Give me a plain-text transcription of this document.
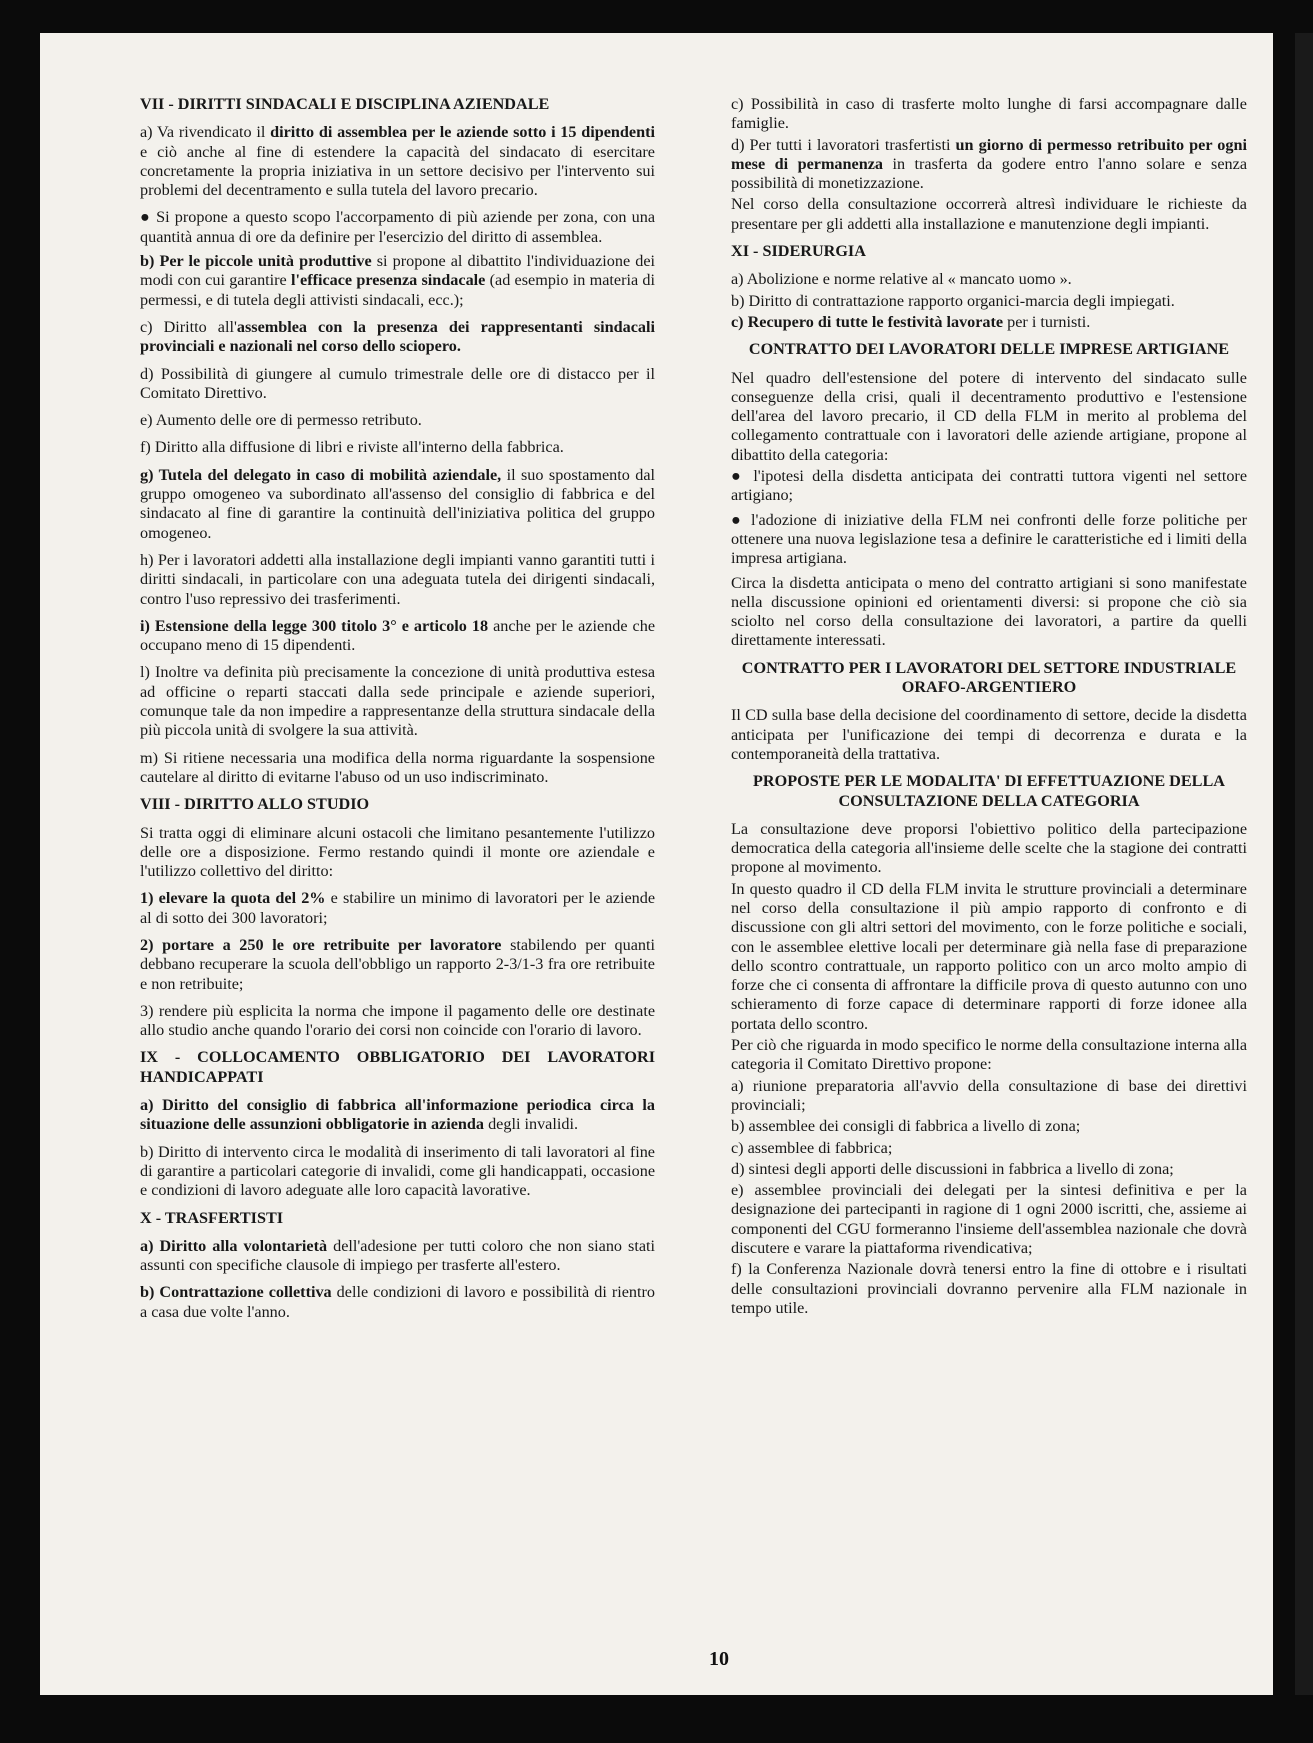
VII - DIRITTI SINDACALI E DISCIPLINA AZIENDALE

a) Va rivendicato il diritto di assemblea per le aziende sotto i 15 dipendenti e ciò anche al fine di estendere la capacità del sindacato di esercitare concretamente la propria iniziativa in un settore decisivo per l'intervento sui problemi del decentramento e sulla tutela del lavoro precario.

● Si propone a questo scopo l'accorpamento di più aziende per zona, con una quantità annua di ore da definire per l'esercizio del diritto di assemblea.

b) Per le piccole unità produttive si propone al dibattito l'individuazione dei modi con cui garantire l'efficace presenza sindacale (ad esempio in materia di permessi, e di tutela degli attivisti sindacali, ecc.);

c) Diritto all'assemblea con la presenza dei rappresentanti sindacali provinciali e nazionali nel corso dello sciopero.

d) Possibilità di giungere al cumulo trimestrale delle ore di distacco per il Comitato Direttivo.

e) Aumento delle ore di permesso retributo.

f) Diritto alla diffusione di libri e riviste all'interno della fabbrica.

g) Tutela del delegato in caso di mobilità aziendale, il suo spostamento dal gruppo omogeneo va subordinato all'assenso del consiglio di fabbrica e del sindacato al fine di garantire la continuità dell'iniziativa politica del gruppo omogeneo.

h) Per i lavoratori addetti alla installazione degli impianti vanno garantiti tutti i diritti sindacali, in particolare con una adeguata tutela dei dirigenti sindacali, contro l'uso repressivo dei trasferimenti.

i) Estensione della legge 300 titolo 3° e articolo 18 anche per le aziende che occupano meno di 15 dipendenti.

l) Inoltre va definita più precisamente la concezione di unità produttiva estesa ad officine o reparti staccati dalla sede principale e aziende superiori, comunque tale da non impedire a rappresentanze della struttura sindacale della più piccola unità di svolgere la sua attività.

m) Si ritiene necessaria una modifica della norma riguardante la sospensione cautelare al diritto di evitarne l'abuso od un uso indiscriminato.

VIII - DIRITTO ALLO STUDIO

Si tratta oggi di eliminare alcuni ostacoli che limitano pesantemente l'utilizzo delle ore a disposizione. Fermo restando quindi il monte ore aziendale e l'utilizzo collettivo del diritto:

1) elevare la quota del 2% e stabilire un minimo di lavoratori per le aziende al di sotto dei 300 lavoratori;

2) portare a 250 le ore retribuite per lavoratore stabilendo per quanti debbano recuperare la scuola dell'obbligo un rapporto 2-3/1-3 fra ore retribuite e non retribuite;

3) rendere più esplicita la norma che impone il pagamento delle ore destinate allo studio anche quando l'orario dei corsi non coincide con l'orario di lavoro.

IX - COLLOCAMENTO OBBLIGATORIO DEI LAVORATORI HANDICAPPATI

a) Diritto del consiglio di fabbrica all'informazione periodica circa la situazione delle assunzioni obbligatorie in azienda degli invalidi.

b) Diritto di intervento circa le modalità di inserimento di tali lavoratori al fine di garantire a particolari categorie di invalidi, come gli handicappati, occasione e condizioni di lavoro adeguate alle loro capacità lavorative.

X - TRASFERTISTI

a) Diritto alla volontarietà dell'adesione per tutti coloro che non siano stati assunti con specifiche clausole di impiego per trasferte all'estero.

b) Contrattazione collettiva delle condizioni di lavoro e possibilità di rientro a casa due volte l'anno.

c) Possibilità in caso di trasferte molto lunghe di farsi accompagnare dalle famiglie.

d) Per tutti i lavoratori trasfertisti un giorno di permesso retribuito per ogni mese di permanenza in trasferta da godere entro l'anno solare e senza possibilità di monetizzazione.

Nel corso della consultazione occorrerà altresì individuare le richieste da presentare per gli addetti alla installazione e manutenzione degli impianti.

XI - SIDERURGIA

a) Abolizione e norme relative al « mancato uomo ».

b) Diritto di contrattazione rapporto organici-marcia degli impiegati.

c) Recupero di tutte le festività lavorate per i turnisti.

CONTRATTO DEI LAVORATORI DELLE IMPRESE ARTIGIANE

Nel quadro dell'estensione del potere di intervento del sindacato sulle conseguenze della crisi, quali il decentramento produttivo e l'estensione dell'area del lavoro precario, il CD della FLM in merito al problema del collegamento contrattuale con i lavoratori delle aziende artigiane, propone al dibattito della categoria:

● l'ipotesi della disdetta anticipata dei contratti tuttora vigenti nel settore artigiano;

● l'adozione di iniziative della FLM nei confronti delle forze politiche per ottenere una nuova legislazione tesa a definire le caratteristiche ed i limiti della impresa artigiana.

Circa la disdetta anticipata o meno del contratto artigiani si sono manifestate nella discussione opinioni ed orientamenti diversi: si propone che ciò sia sciolto nel corso della consultazione dei lavoratori, a partire da quelli direttamente interessati.

CONTRATTO PER I LAVORATORI DEL SETTORE INDUSTRIALE ORAFO-ARGENTIERO

Il CD sulla base della decisione del coordinamento di settore, decide la disdetta anticipata per l'unificazione dei tempi di decorrenza e durata e la contemporaneità della trattativa.

PROPOSTE PER LE MODALITA' DI EFFETTUAZIONE DELLA CONSULTAZIONE DELLA CATEGORIA

La consultazione deve proporsi l'obiettivo politico della partecipazione democratica della categoria all'insieme delle scelte che la stagione dei contratti propone al movimento.

In questo quadro il CD della FLM invita le strutture provinciali a determinare nel corso della consultazione il più ampio rapporto di confronto e di discussione con gli altri settori del movimento, con le forze politiche e sociali, con le assemblee elettive locali per determinare già nella fase di preparazione dello scontro contrattuale, un rapporto politico con un arco molto ampio di forze che ci consenta di affrontare la difficile prova di questo autunno con uno schieramento di forze capace di determinare rapporti di forze idonee alla portata dello scontro.

Per ciò che riguarda in modo specifico le norme della consultazione interna alla categoria il Comitato Direttivo propone:

a) riunione preparatoria all'avvio della consultazione di base dei direttivi provinciali;

b) assemblee dei consigli di fabbrica a livello di zona;

c) assemblee di fabbrica;

d) sintesi degli apporti delle discussioni in fabbrica a livello di zona;

e) assemblee provinciali dei delegati per la sintesi definitiva e per la designazione dei partecipanti in ragione di 1 ogni 2000 iscritti, che, assieme ai componenti del CGU formeranno l'insieme dell'assemblea nazionale che dovrà discutere e varare la piattaforma rivendicativa;

f) la Conferenza Nazionale dovrà tenersi entro la fine di ottobre e i risultati delle consultazioni provinciali dovranno pervenire alla FLM nazionale in tempo utile.

10
